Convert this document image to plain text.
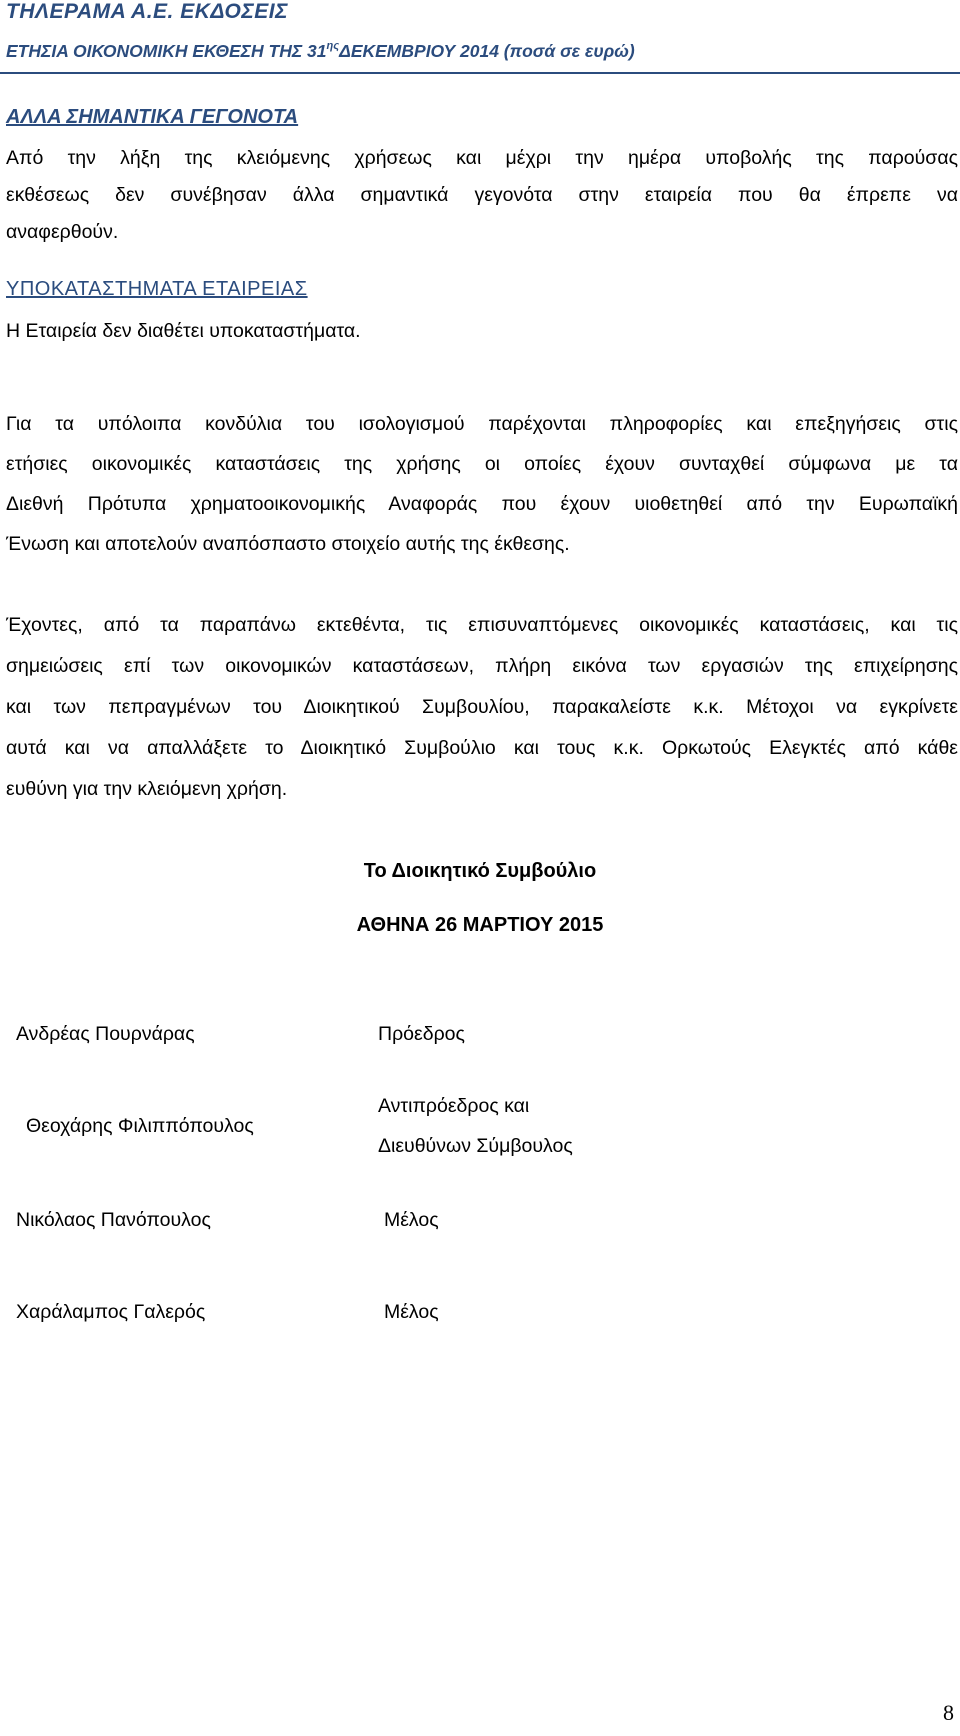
ΤΗΛΕΡΑΜΑ Α.Ε. ΕΚΔΟΣΕΙΣ
ΕΤΗΣΙΑ ΟΙΚΟΝΟΜΙΚΗ ΕΚΘΕΣΗ ΤΗΣ $31^{\eta\varsigma}\Delta EKEMBPIO\Upsilon$ 2014 (ποσά σε ευρώ)
ΑΛΛΑ ΣΗΜΑΝΤΙΚΑ ΓΕΓΟΝΟΤΑ
Από την λήξη της κλειόμενης χρήσεως και μέχρι την ημέρα υποβολής της παρούσας
εκθέσεως δεν συνέβησαν άλλα σημαντικά γεγονότα στην εταιρεία που θα έπρεπε να
αναφερθούν.
ΥΠΟΚΑΤΑΣΤΗΜΑΤΑ ΕΤΑΙΡΕΙΑΣ
Η Εταιρεία δεν διαθέτει υποκαταστήματα.
Για τα υπόλοιπα κονδύλια του ισολογισμού παρέχονται πληροφορίες και επεξηγήσεις στις
ετήσιες οικονομικές καταστάσεις της χρήσης οι οποίες έχουν συνταχθεί σύμφωνα με τα
Διεθνή Πρότυπα χρηματοοικονομικής Αναφοράς που έχουν υιοθετηθεί από την Ευρωπαϊκή
Ένωση και αποτελούν αναπόσπαστο στοιχείο αυτής της έκθεσης.
Έχοντες, από τα παραπάνω εκτεθέντα, τις επισυναπτόμενες οικονομικές καταστάσεις, και τις
σημειώσεις επί των οικονομικών καταστάσεων, πλήρη εικόνα των εργασιών της επιχείρησης
και των πεπραγμένων του Διοικητικού Συμβουλίου, παρακαλείστε κ.κ. Μέτοχοι να εγκρίνετε
αυτά και να απαλλάξετε το Διοικητικό Συμβούλιο και τους κ.κ. Ορκωτούς Ελεγκτές από κάθε
ευθύνη για την κλειόμενη χρήση.
Το Διοικητικό Συμβούλιο
ΑΘΗΝΑ 26 ΜΑΡΤΙΟΥ 2015
Ανδρέας Πουρνάρας	Πρόεδρος
Θεοχάρης Φιλιππόπουλος
Αντιπρόεδρος και
Διευθύνων Σύμβουλος
Νικόλαος Πανόπουλος	Μέλος
Χαράλαμπος Γαλερός	Μέλος
8
